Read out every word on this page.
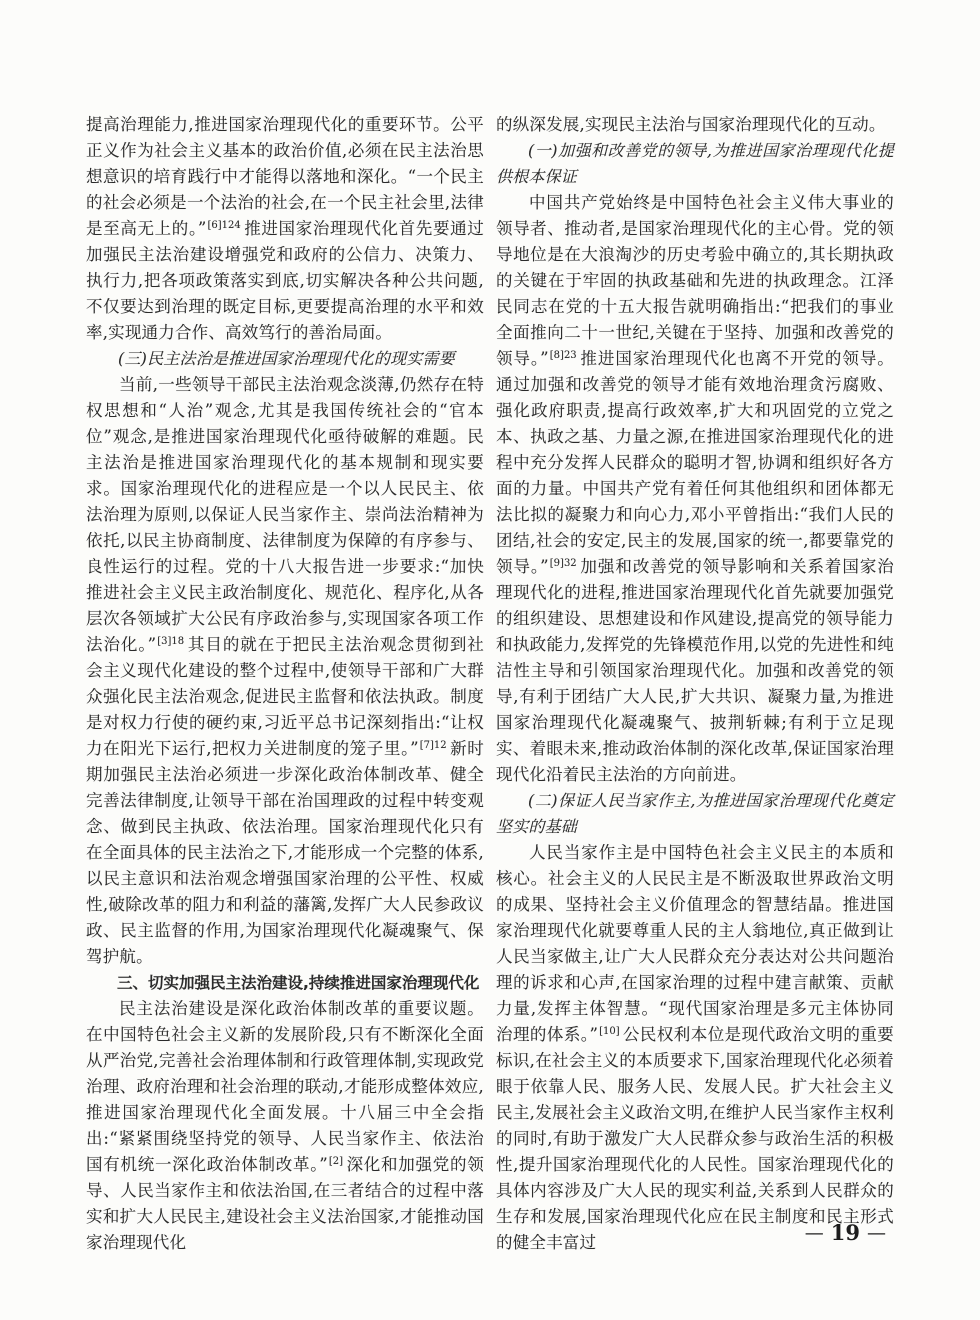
提高治理能力,推进国家治理现代化的重要环节。公平正义作为社会主义基本的政治价值,必须在民主法治思想意识的培育践行中才能得以落地和深化。“一个民主的社会必须是一个法治的社会,在一个民主社会里,法律是至高无上的。”$^{[6]124}$ 推进国家治理现代化首先要通过加强民主法治建设增强党和政府的公信力、决策力、执行力,把各项政策落实到底,切实解决各种公共问题,不仅要达到治理的既定目标,更要提高治理的水平和效率,实现通力合作、高效笃行的善治局面。

(三)民主法治是推进国家治理现代化的现实需要

当前,一些领导干部民主法治观念淡薄,仍然存在特权思想和“人治”观念,尤其是我国传统社会的“官本位”观念,是推进国家治理现代化亟待破解的难题。民主法治是推进国家治理现代化的基本规制和现实要求。国家治理现代化的进程应是一个以人民民主、依法治理为原则,以保证人民当家作主、崇尚法治精神为依托,以民主协商制度、法律制度为保障的有序参与、良性运行的过程。党的十八大报告进一步要求:“加快推进社会主义民主政治制度化、规范化、程序化,从各层次各领域扩大公民有序政治参与,实现国家各项工作法治化。”$^{[3]18}$ 其目的就在于把民主法治观念贯彻到社会主义现代化建设的整个过程中,使领导干部和广大群众强化民主法治观念,促进民主监督和依法执政。制度是对权力行使的硬约束,习近平总书记深刻指出:“让权力在阳光下运行,把权力关进制度的笼子里。”$^{[7]12}$ 新时期加强民主法治必须进一步深化政治体制改革、健全完善法律制度,让领导干部在治国理政的过程中转变观念、做到民主执政、依法治理。国家治理现代化只有在全面具体的民主法治之下,才能形成一个完整的体系,以民主意识和法治观念增强国家治理的公平性、权威性,破除改革的阻力和利益的藩篱,发挥广大人民参政议政、民主监督的作用,为国家治理现代化凝魂聚气、保驾护航。

三、切实加强民主法治建设,持续推进国家治理现代化

民主法治建设是深化政治体制改革的重要议题。在中国特色社会主义新的发展阶段,只有不断深化全面从严治党,完善社会治理体制和行政管理体制,实现政党治理、政府治理和社会治理的联动,才能形成整体效应,推进国家治理现代化全面发展。十八届三中全会指出:“紧紧围绕坚持党的领导、人民当家作主、依法治国有机统一深化政治体制改革。”[2] 深化和加强党的领导、人民当家作主和依法治国,在三者结合的过程中落实和扩大人民民主,建设社会主义法治国家,才能推动国家治理现代化

的纵深发展,实现民主法治与国家治理现代化的互动。

(一)加强和改善党的领导,为推进国家治理现代化提供根本保证

中国共产党始终是中国特色社会主义伟大事业的领导者、推动者,是国家治理现代化的主心骨。党的领导地位是在大浪淘沙的历史考验中确立的,其长期执政的关键在于牢固的执政基础和先进的执政理念。江泽民同志在党的十五大报告就明确指出:“把我们的事业全面推向二十一世纪,关键在于坚持、加强和改善党的领导。”$^{[8]23}$ 推进国家治理现代化也离不开党的领导。通过加强和改善党的领导才能有效地治理贪污腐败、强化政府职责,提高行政效率,扩大和巩固党的立党之本、执政之基、力量之源,在推进国家治理现代化的进程中充分发挥人民群众的聪明才智,协调和组织好各方面的力量。中国共产党有着任何其他组织和团体都无法比拟的凝聚力和向心力,邓小平曾指出:“我们人民的团结,社会的安定,民主的发展,国家的统一,都要靠党的领导。”$^{[9]32}$ 加强和改善党的领导影响和关系着国家治理现代化的进程,推进国家治理现代化首先就要加强党的组织建设、思想建设和作风建设,提高党的领导能力和执政能力,发挥党的先锋模范作用,以党的先进性和纯洁性主导和引领国家治理现代化。加强和改善党的领导,有利于团结广大人民,扩大共识、凝聚力量,为推进国家治理现代化凝魂聚气、披荆斩棘;有利于立足现实、着眼未来,推动政治体制的深化改革,保证国家治理现代化沿着民主法治的方向前进。

(二)保证人民当家作主,为推进国家治理现代化奠定坚实的基础

人民当家作主是中国特色社会主义民主的本质和核心。社会主义的人民民主是不断汲取世界政治文明的成果、坚持社会主义价值理念的智慧结晶。推进国家治理现代化就要尊重人民的主人翁地位,真正做到让人民当家做主,让广大人民群众充分表达对公共问题治理的诉求和心声,在国家治理的过程中建言献策、贡献力量,发挥主体智慧。“现代国家治理是多元主体协同治理的体系。”[10] 公民权利本位是现代政治文明的重要标识,在社会主义的本质要求下,国家治理现代化必须着眼于依靠人民、服务人民、发展人民。扩大社会主义民主,发展社会主义政治文明,在维护人民当家作主权利的同时,有助于激发广大人民群众参与政治生活的积极性,提升国家治理现代化的人民性。国家治理现代化的具体内容涉及广大人民的现实利益,关系到人民群众的生存和发展,国家治理现代化应在民主制度和民主形式的健全丰富过	— 19 —
